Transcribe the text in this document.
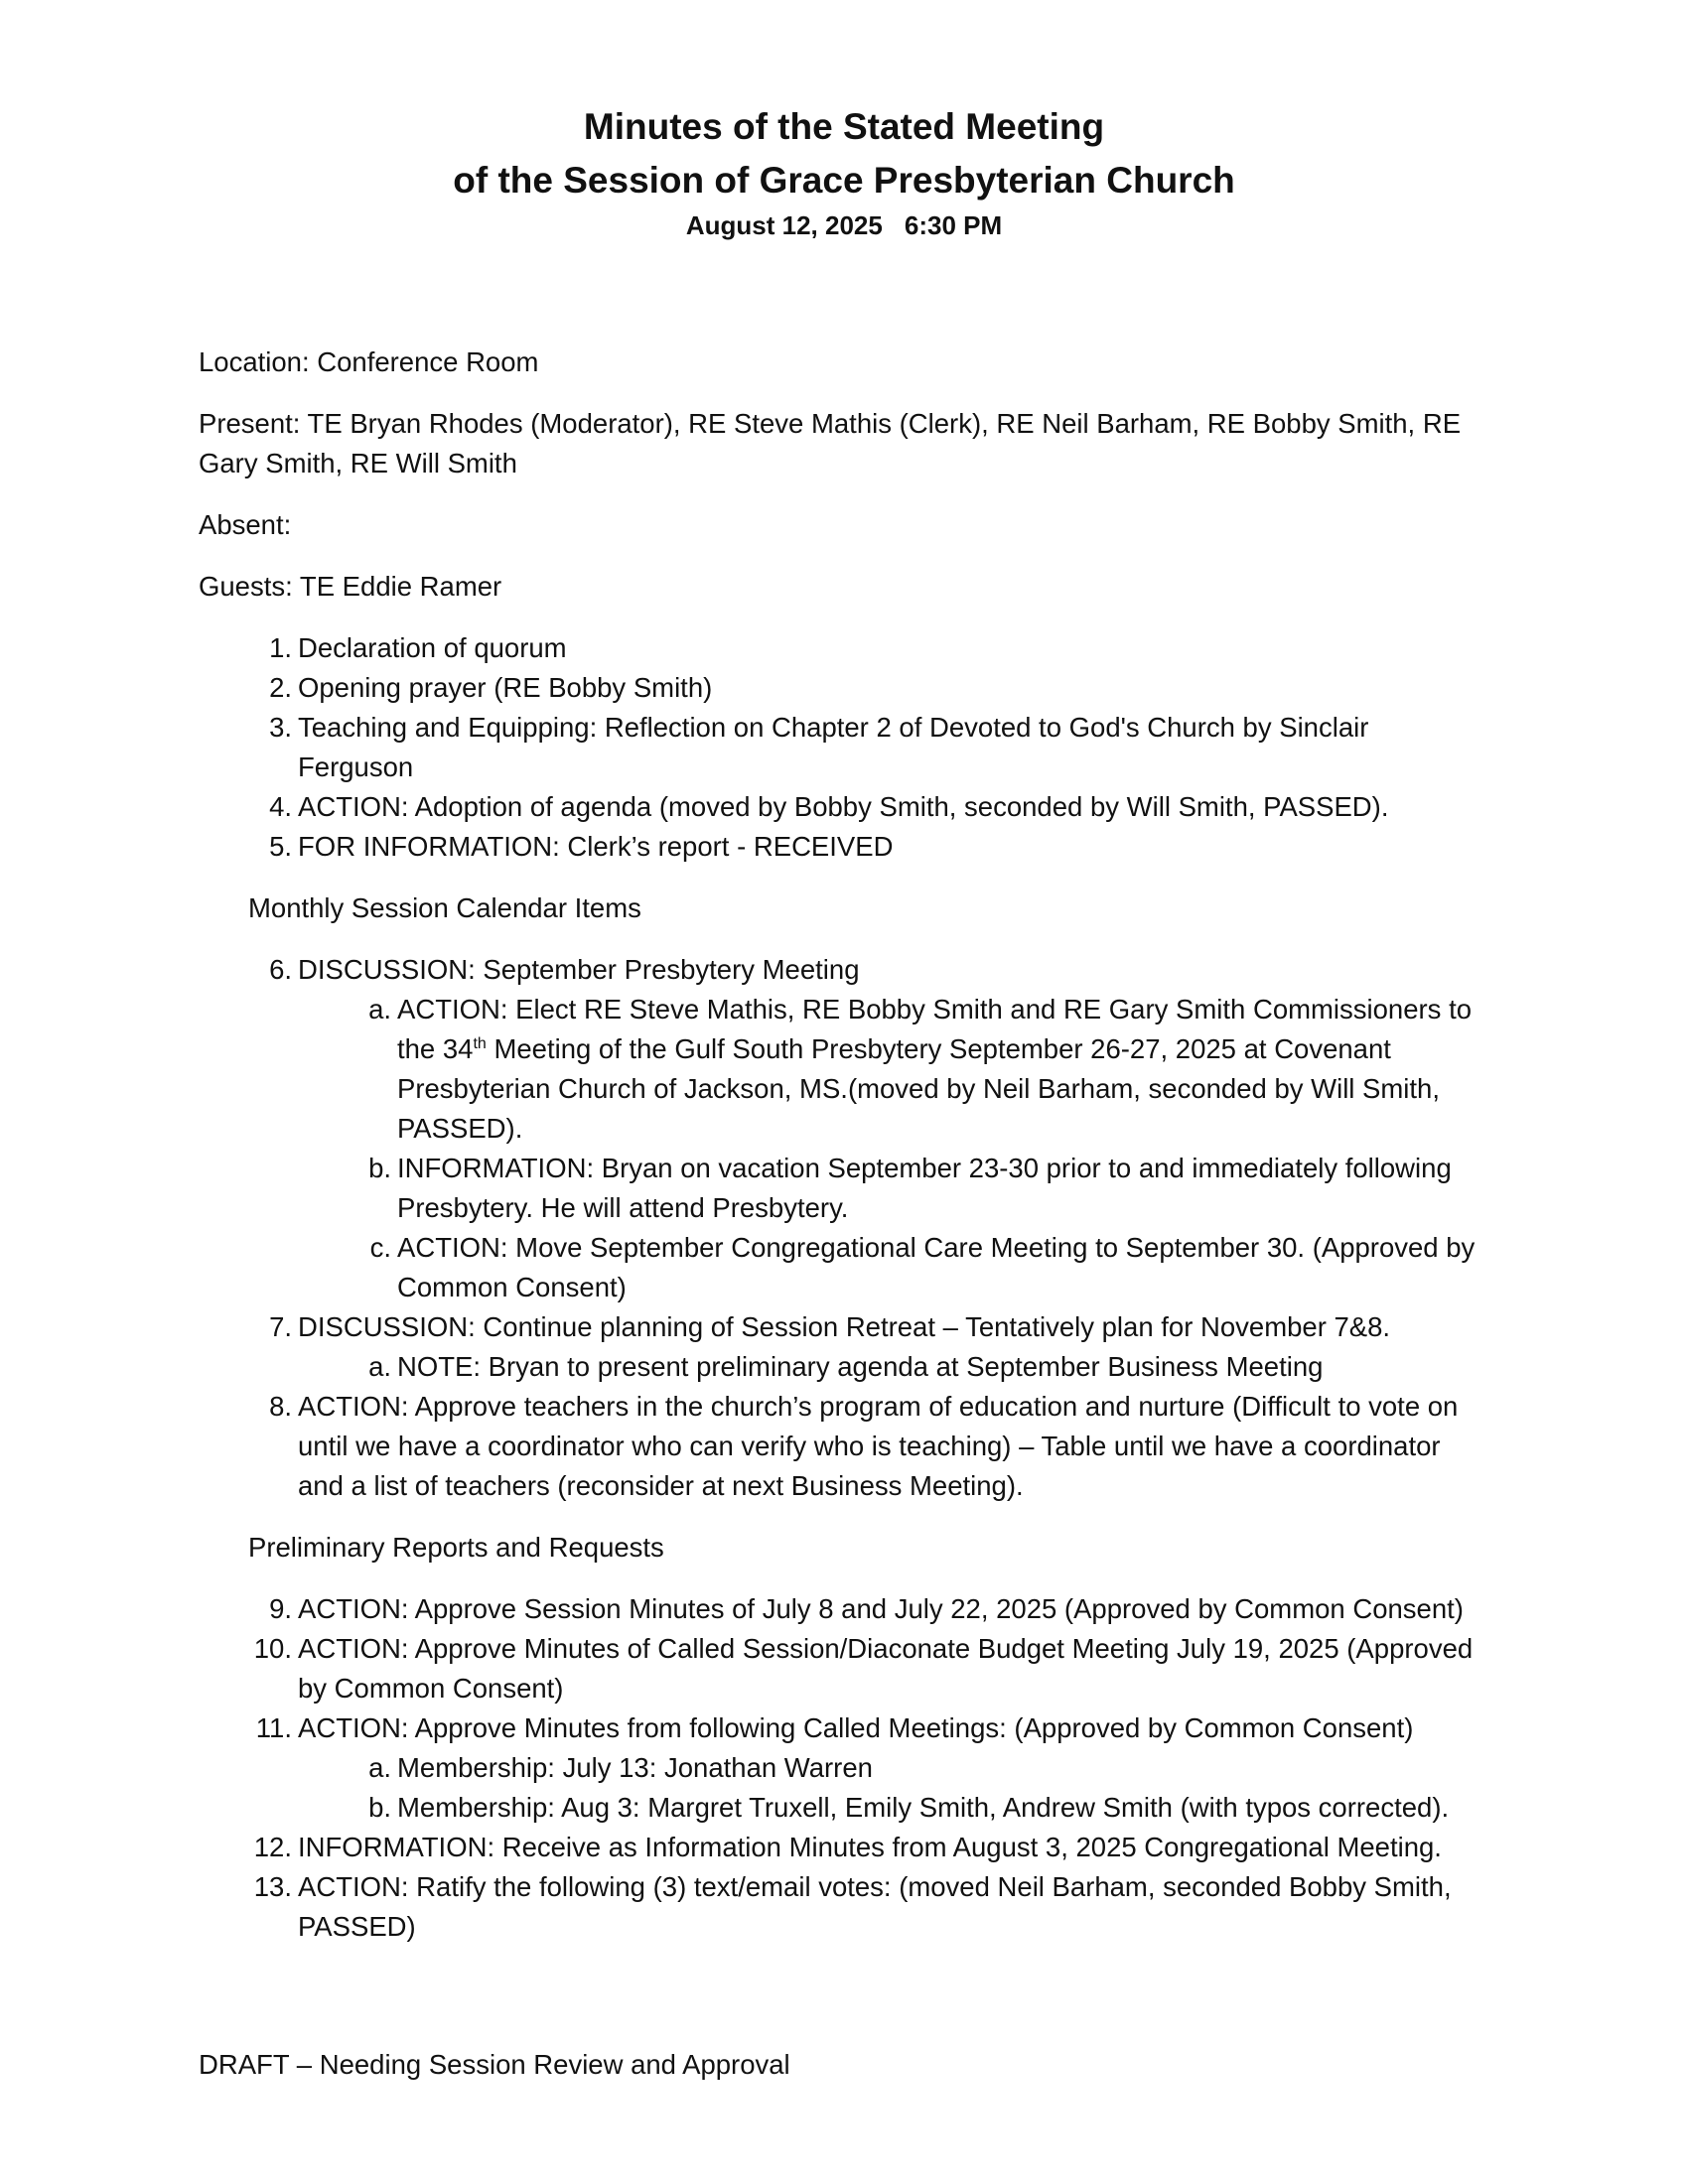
Minutes of the Stated Meeting
of the Session of Grace Presbyterian Church
August 12, 2025 6:30 PM

Location: Conference Room

Present: TE Bryan Rhodes (Moderator), RE Steve Mathis (Clerk), RE Neil Barham, RE Bobby Smith, RE Gary Smith, RE Will Smith

Absent:

Guests: TE Eddie Ramer

1. Declaration of quorum
2. Opening prayer (RE Bobby Smith)
3. Teaching and Equipping: Reflection on Chapter 2 of Devoted to God's Church by Sinclair Ferguson
4. ACTION: Adoption of agenda (moved by Bobby Smith, seconded by Will Smith, PASSED).
5. FOR INFORMATION: Clerk’s report - RECEIVED
Monthly Session Calendar Items
6. DISCUSSION: September Presbytery Meeting
a. ACTION: Elect RE Steve Mathis, RE Bobby Smith and RE Gary Smith Commissioners to the 34th Meeting of the Gulf South Presbytery September 26-27, 2025 at Covenant Presbyterian Church of Jackson, MS.(moved by Neil Barham, seconded by Will Smith, PASSED).
b. INFORMATION: Bryan on vacation September 23-30 prior to and immediately following Presbytery. He will attend Presbytery.
c. ACTION: Move September Congregational Care Meeting to September 30. (Approved by Common Consent)
7. DISCUSSION: Continue planning of Session Retreat – Tentatively plan for November 7&8.
a. NOTE: Bryan to present preliminary agenda at September Business Meeting
8. ACTION: Approve teachers in the church’s program of education and nurture (Difficult to vote on until we have a coordinator who can verify who is teaching) – Table until we have a coordinator and a list of teachers (reconsider at next Business Meeting).
Preliminary Reports and Requests
9. ACTION: Approve Session Minutes of July 8 and July 22, 2025 (Approved by Common Consent)
10. ACTION: Approve Minutes of Called Session/Diaconate Budget Meeting July 19, 2025 (Approved by Common Consent)
11. ACTION: Approve Minutes from following Called Meetings: (Approved by Common Consent)
a. Membership: July 13: Jonathan Warren
b. Membership: Aug 3: Margret Truxell, Emily Smith, Andrew Smith (with typos corrected).
12. INFORMATION: Receive as Information Minutes from August 3, 2025 Congregational Meeting.
13. ACTION: Ratify the following (3) text/email votes: (moved Neil Barham, seconded Bobby Smith, PASSED)
DRAFT – Needing Session Review and Approval
